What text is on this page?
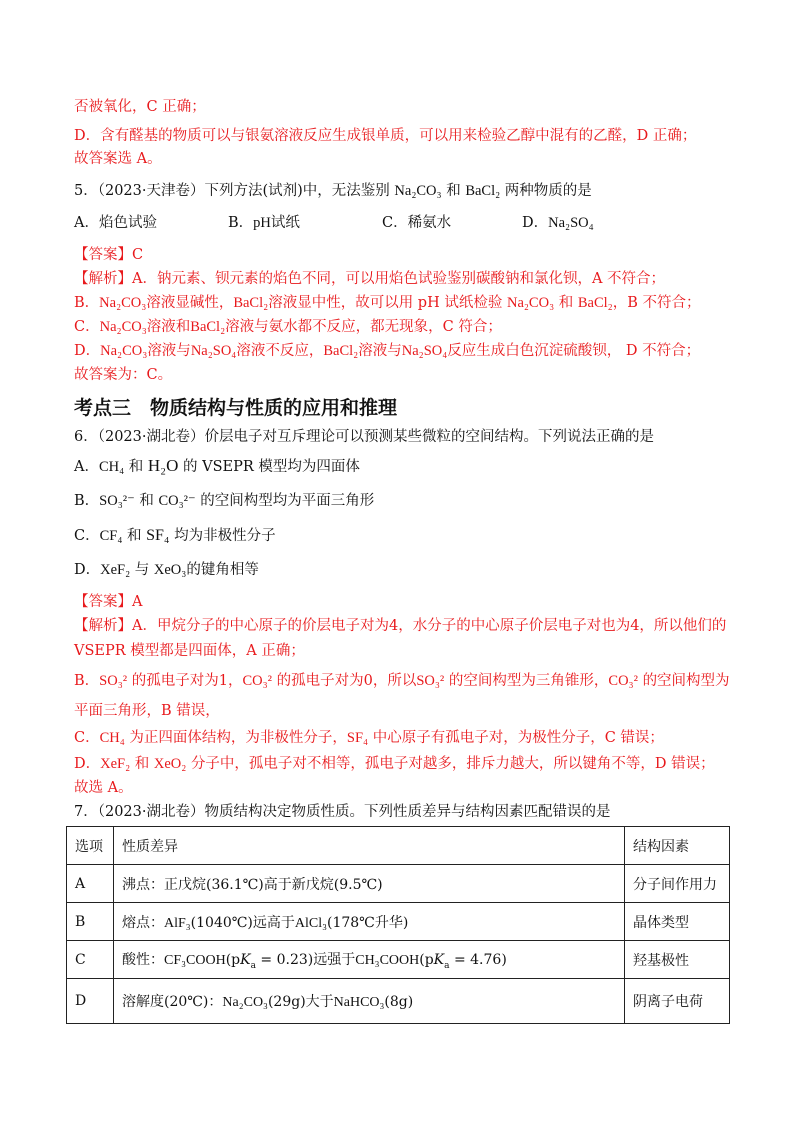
否被氧化，C 正确；
D．含有醛基的物质可以与银氨溶液反应生成银单质，可以用来检验乙醇中混有的乙醛，D 正确；
故答案选 A。
5．（2023·天津卷）下列方法(试剂)中，无法鉴别 Na₂CO₃ 和 BaCl₂ 两种物质的是
A．焰色试验	B．pH试纸	C．稀氨水	D．Na₂SO₄
【答案】C
【解析】A．钠元素、钡元素的焰色不同，可以用焰色试验鉴别碳酸钠和氯化钡，A 不符合；
B．Na₂CO₃溶液显碱性，BaCl₂溶液显中性，故可以用 pH 试纸检验 Na₂CO₃ 和 BaCl₂，B 不符合；
C．Na₂CO₃溶液和BaCl₂溶液与氨水都不反应，都无现象，C 符合；
D．Na₂CO₃溶液与Na₂SO₄溶液不反应，BaCl₂溶液与Na₂SO₄反应生成白色沉淀硫酸钡， D 不符合；
故答案为：C。
考点三　物质结构与性质的应用和推理
6．（2023·湖北卷）价层电子对互斥理论可以预测某些微粒的空间结构。下列说法正确的是
A．CH₄ 和 H₂O 的 VSEPR 模型均为四面体
B．SO₃²⁻ 和 CO₃²⁻ 的空间构型均为平面三角形
C．CF₄ 和 SF₄ 均为非极性分子
D．XeF₂ 与 XeO₃的键角相等
【答案】A
【解析】A．甲烷分子的中心原子的价层电子对为4，水分子的中心原子价层电子对也为4，所以他们的
VSEPR 模型都是四面体，A 正确；
B．SO₃² 的孤电子对为1，CO₃² 的孤电子对为0，所以SO₃² 的空间构型为三角锥形，CO₃² 的空间构型为
平面三角形，B 错误，
C．CH₄ 为正四面体结构，为非极性分子，SF₄ 中心原子有孤电子对，为极性分子，C 错误；
D．XeF₂ 和 XeO₂ 分子中，孤电子对不相等，孤电子对越多，排斥力越大，所以键角不等，D 错误；
故选 A。
7．（2023·湖北卷）物质结构决定物质性质。下列性质差异与结构因素匹配错误的是
选项	性质差异	结构因素
A	沸点：正戊烷(36.1℃)高于新戊烷(9.5℃)	分子间作用力
B	熔点：AlF₃(1040℃)远高于AlCl₃(178℃升华)	晶体类型
C	酸性：$CF_3COOH(pK_a = 0.23)$远强于$CH_3COOH(pK_a = 4.76)$	羟基极性
D	溶解度(20℃)：Na₂CO₃(29g)大于NaHCO₃(8g)	阴离子电荷
